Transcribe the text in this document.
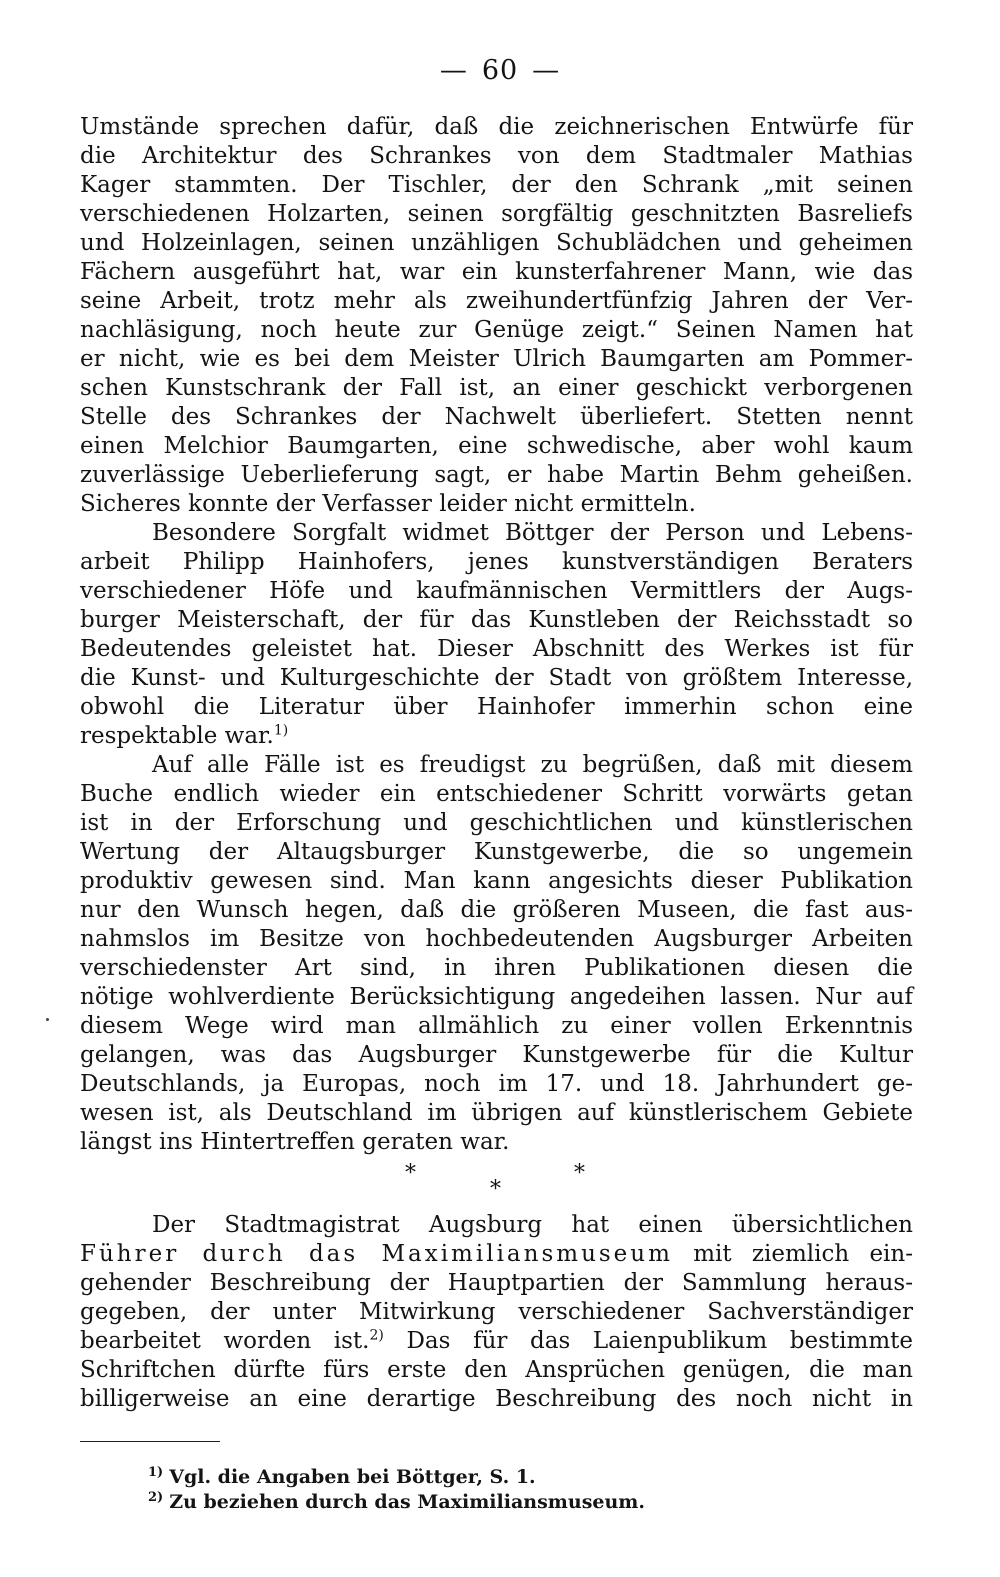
— 60 —
Umstände sprechen dafür, daß die zeichnerischen Entwürfe für
die Architektur des Schrankes von dem Stadtmaler Mathias
Kager stammten. Der Tischler, der den Schrank „mit seinen
verschiedenen Holzarten, seinen sorgfältig geschnitzten Basreliefs
und Holzeinlagen, seinen unzähligen Schublädchen und geheimen
Fächern ausgeführt hat, war ein kunsterfahrener Mann, wie das
seine Arbeit, trotz mehr als zweihundertfünfzig Jahren der Ver-
nachläsigung, noch heute zur Genüge zeigt.“ Seinen Namen hat
er nicht, wie es bei dem Meister Ulrich Baumgarten am Pommer-
schen Kunstschrank der Fall ist, an einer geschickt verborgenen
Stelle des Schrankes der Nachwelt überliefert. Stetten nennt
einen Melchior Baumgarten, eine schwedische, aber wohl kaum
zuverlässige Ueberlieferung sagt, er habe Martin Behm geheißen.
Sicheres konnte der Verfasser leider nicht ermitteln.
Besondere Sorgfalt widmet Böttger der Person und Lebens-
arbeit Philipp Hainhofers, jenes kunstverständigen Beraters
verschiedener Höfe und kaufmännischen Vermittlers der Augs-
burger Meisterschaft, der für das Kunstleben der Reichsstadt so
Bedeutendes geleistet hat. Dieser Abschnitt des Werkes ist für
die Kunst- und Kulturgeschichte der Stadt von größtem Interesse,
obwohl die Literatur über Hainhofer immerhin schon eine
respektable war.$^{1)}$
Auf alle Fälle ist es freudigst zu begrüßen, daß mit diesem
Buche endlich wieder ein entschiedener Schritt vorwärts getan
ist in der Erforschung und geschichtlichen und künstlerischen
Wertung der Altaugsburger Kunstgewerbe, die so ungemein
produktiv gewesen sind. Man kann angesichts dieser Publikation
nur den Wunsch hegen, daß die größeren Museen, die fast aus-
nahmslos im Besitze von hochbedeutenden Augsburger Arbeiten
verschiedenster Art sind, in ihren Publikationen diesen die
nötige wohlverdiente Berücksichtigung angedeihen lassen. Nur auf
diesem Wege wird man allmählich zu einer vollen Erkenntnis
gelangen, was das Augsburger Kunstgewerbe für die Kultur
Deutschlands, ja Europas, noch im 17. und 18. Jahrhundert ge-
wesen ist, als Deutschland im übrigen auf künstlerischem Gebiete
längst ins Hintertreffen geraten war.
*
*
*
Der Stadtmagistrat Augsburg hat einen übersichtlichen
Führer durch das Maximiliansmuseum mit ziemlich ein-
gehender Beschreibung der Hauptpartien der Sammlung heraus-
gegeben, der unter Mitwirkung verschiedener Sachverständiger
bearbeitet worden ist.$^{2)}$ Das für das Laienpublikum bestimmte
Schriftchen dürfte fürs erste den Ansprüchen genügen, die man
billigerweise an eine derartige Beschreibung des noch nicht in
$^{1)}$ Vgl. die Angaben bei Böttger, S. 1.
$^{2)}$ Zu beziehen durch das Maximiliansmuseum.
